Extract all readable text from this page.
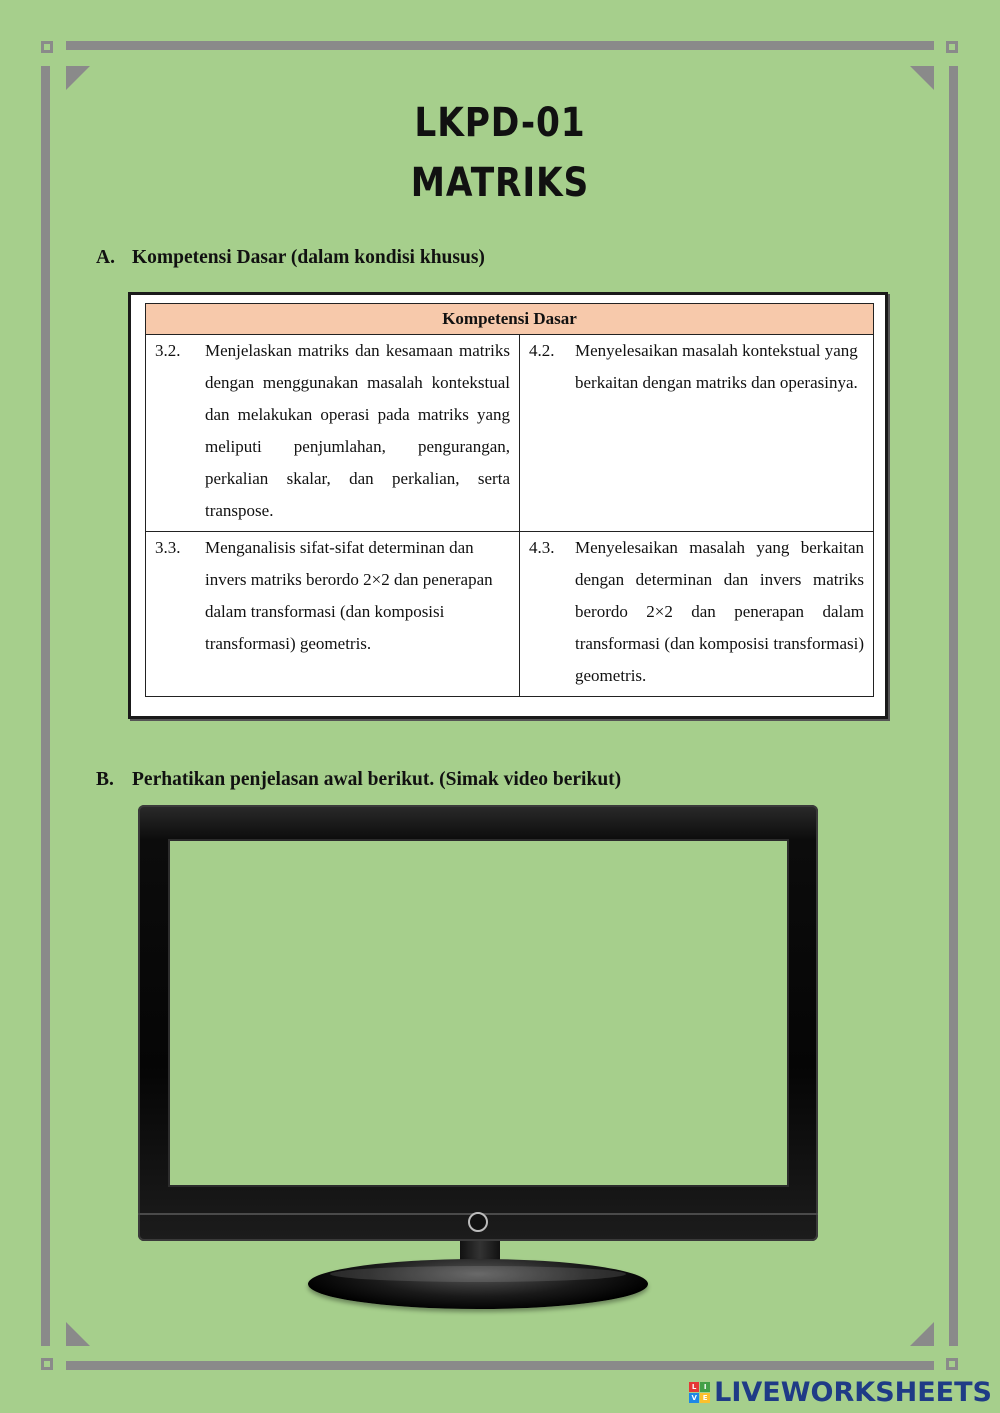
LKPD-01
MATRIKS
A. Kompetensi Dasar (dalam kondisi khusus)
Kompetensi Dasar	

3.2. Menjelaskan matriks dan kesamaan matriks dengan menggunakan masalah kontekstual dan melakukan operasi pada matriks yang meliputi penjumlahan, pengurangan, perkalian skalar, dan perkalian, serta transpose.	4.2. Menyelesaikan masalah kontekstual yang berkaitan dengan matriks dan operasinya.

3.3. Menganalisis sifat-sifat determinan dan invers matriks berordo 2×2 dan penerapan dalam transformasi (dan komposisi transformasi) geometris.	4.3. Menyelesaikan masalah yang berkaitan dengan determinan dan invers matriks berordo 2×2 dan penerapan dalam transformasi (dan komposisi transformasi) geometris.
B. Perhatikan penjelasan awal berikut. (Simak video berikut)
L	I
V E LIVEWORKSHEETS
